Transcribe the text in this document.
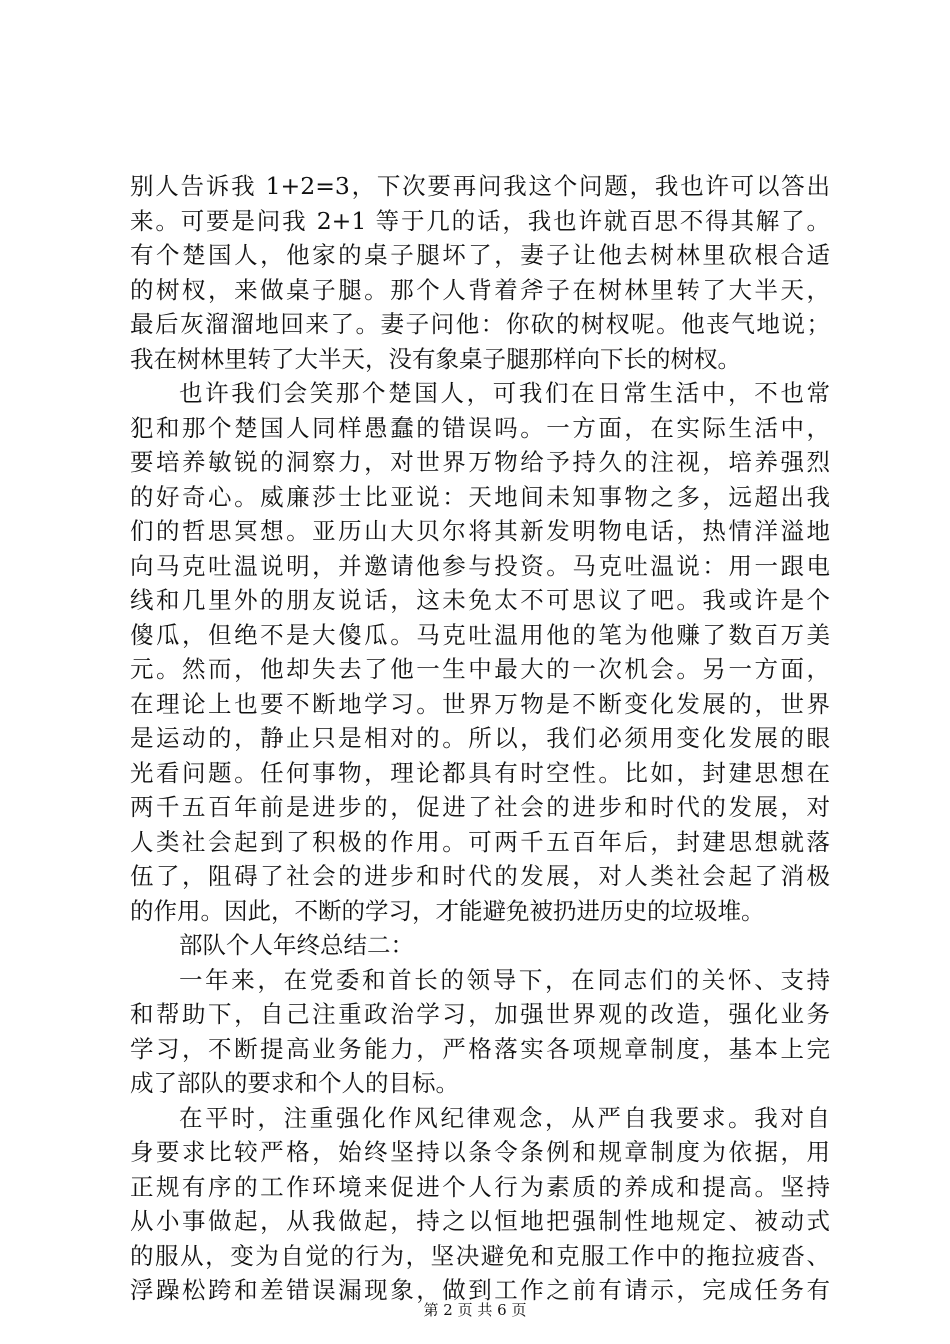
别人告诉我 1+2=3，下次要再问我这个问题，我也许可以答出
来。可要是问我 2+1 等于几的话，我也许就百思不得其解了。
有个楚国人，他家的桌子腿坏了，妻子让他去树林里砍根合适
的树杈，来做桌子腿。那个人背着斧子在树林里转了大半天，
最后灰溜溜地回来了。妻子问他：你砍的树杈呢。他丧气地说；
我在树林里转了大半天，没有象桌子腿那样向下长的树杈。
也许我们会笑那个楚国人，可我们在日常生活中，不也常
犯和那个楚国人同样愚蠢的错误吗。一方面，在实际生活中，
要培养敏锐的洞察力，对世界万物给予持久的注视，培养强烈
的好奇心。威廉莎士比亚说：天地间未知事物之多，远超出我
们的哲思冥想。亚历山大贝尔将其新发明物电话，热情洋溢地
向马克吐温说明，并邀请他参与投资。马克吐温说：用一跟电
线和几里外的朋友说话，这未免太不可思议了吧。我或许是个
傻瓜，但绝不是大傻瓜。马克吐温用他的笔为他赚了数百万美
元。然而，他却失去了他一生中最大的一次机会。另一方面，
在理论上也要不断地学习。世界万物是不断变化发展的，世界
是运动的，静止只是相对的。所以，我们必须用变化发展的眼
光看问题。任何事物，理论都具有时空性。比如，封建思想在
两千五百年前是进步的，促进了社会的进步和时代的发展，对
人类社会起到了积极的作用。可两千五百年后，封建思想就落
伍了，阻碍了社会的进步和时代的发展，对人类社会起了消极
的作用。因此，不断的学习，才能避免被扔进历史的垃圾堆。
部队个人年终总结二：
一年来，在党委和首长的领导下，在同志们的关怀、支持
和帮助下，自己注重政治学习，加强世界观的改造，强化业务
学习，不断提高业务能力，严格落实各项规章制度，基本上完
成了部队的要求和个人的目标。
在平时，注重强化作风纪律观念，从严自我要求。我对自
身要求比较严格，始终坚持以条令条例和规章制度为依据，用
正规有序的工作环境来促进个人行为素质的养成和提高。坚持
从小事做起，从我做起，持之以恒地把强制性地规定、被动式
的服从，变为自觉的行为，坚决避免和克服工作中的拖拉疲沓、
浮躁松跨和差错误漏现象，做到工作之前有请示，完成任务有
第 2 页 共 6 页
